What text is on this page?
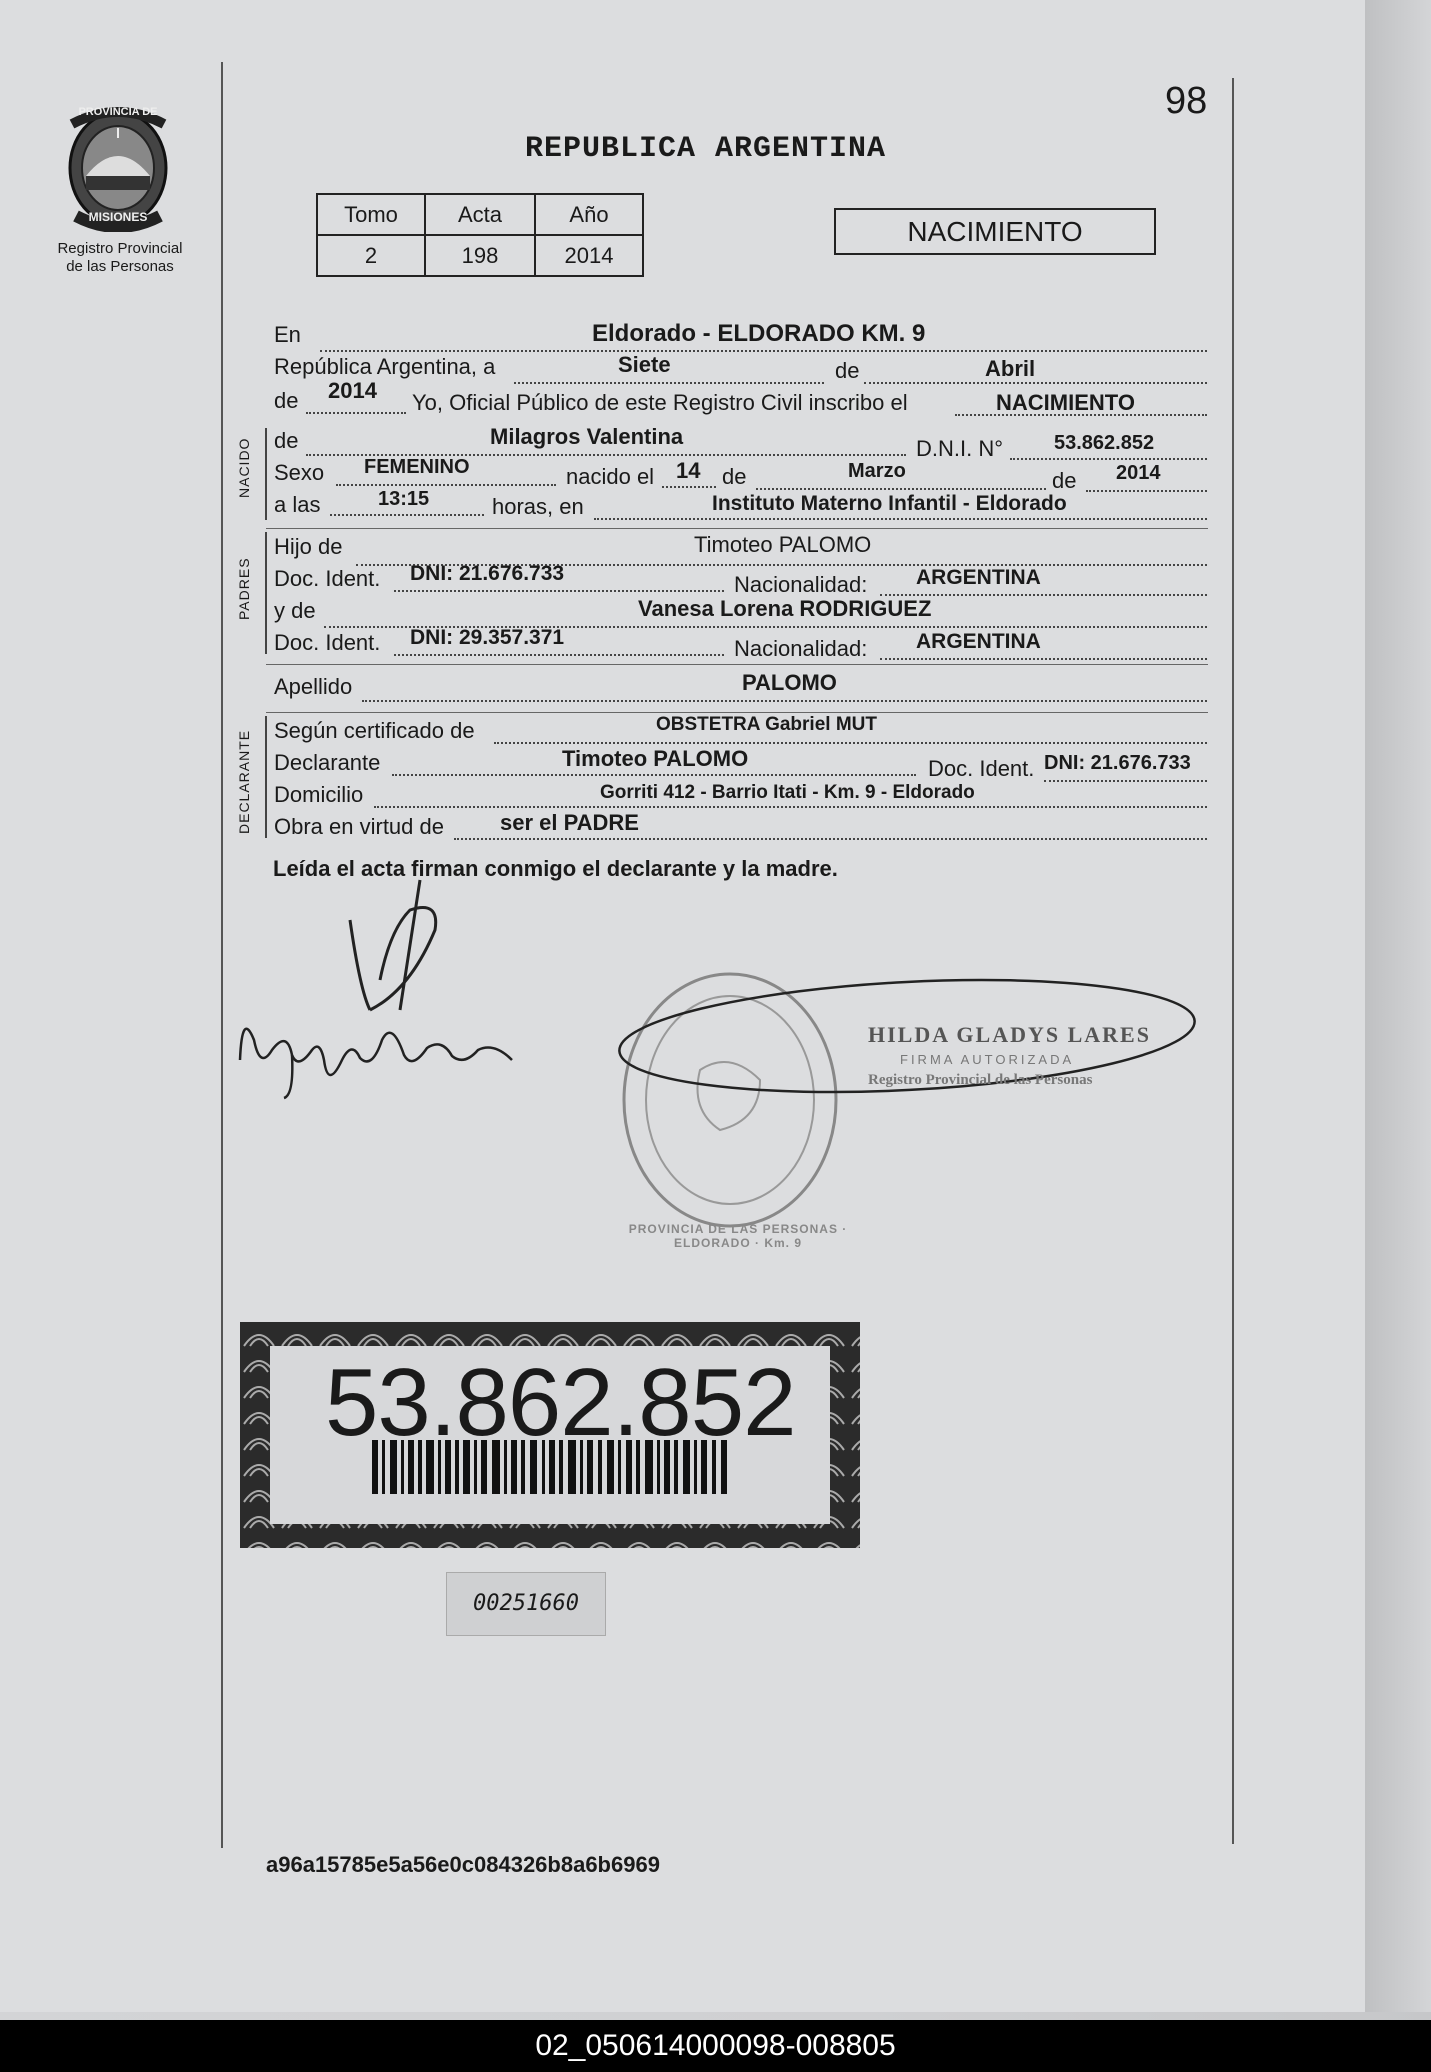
98
REPUBLICA ARGENTINA
PROVINCIA DE
MISIONES
Registro Provincial
de las Personas
Tomo	Acta	Año
2	198	2014
NACIMIENTO
En	Eldorado - ELDORADO KM. 9
República Argentina, a	Siete	de	Abril
de 2014 Yo, Oficial Público de este Registro Civil inscribo el	NACIMIENTO
NACIDO de	Milagros Valentina	D.N.I. N°	53.862.852
Sexo FEMENINO	nacido el 14 de	Marzo	de 2014
a las	13:15	horas, en	Instituto Materno Infantil - Eldorado
PADRES
Hijo de	Timoteo PALOMO
Doc. Ident. DNI: 21.676.733	Nacionalidad: ARGENTINA
y de	Vanesa Lorena RODRIGUEZ
Doc. Ident. DNI: 29.357.371	Nacionalidad: ARGENTINA
Apellido	PALOMO
DECLARANTE Según certificado de	OBSTETRA Gabriel MUT
Declarante	Timoteo PALOMO	Doc. Ident. DNI: 21.676.733
Domicilio	Gorriti 412 - Barrio Itati - Km. 9 - Eldorado
Obra en virtud de	ser el PADRE
Leída el acta firman conmigo el declarante y la madre.
PROVINCIA DE LAS PERSONAS · ELDORADO · Km. 9
HILDA GLADYS LARES
FIRMA AUTORIZADA
Registro Provincial de las Personas
53.862.852
00251660
a96a15785e5a56e0c084326b8a6b6969
02_050614000098-008805
